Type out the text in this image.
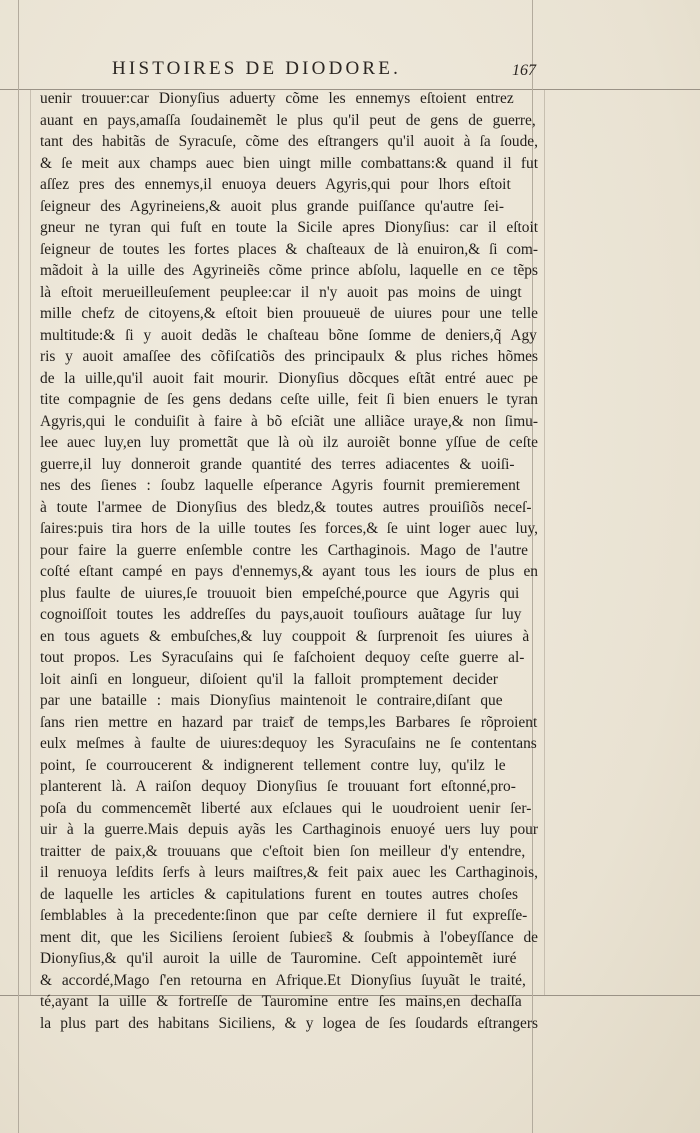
HISTOIRES DE DIODORE.	167
uenir trouuer:car Dionyſius aduerty cõme les ennemys eſtoient entrez
auant en pays,amaſſa ſoudainemẽt le plus qu'il peut de gens de guerre,
tant des habitãs de Syracuſe, cõme des eſtrangers qu'il auoit à ſa ſoude,
& ſe meit aux champs auec bien uingt mille combattans:& quand il fut
aſſez pres des ennemys,il enuoya deuers Agyris,qui pour lhors eſtoit
ſeigneur des Agyrineiens,& auoit plus grande puiſſance qu'autre ſei-
gneur ne tyran qui fuſt en toute la Sicile apres Dionyſius: car il eſtoit
ſeigneur de toutes les fortes places & chaſteaux de là enuiron,& ſi com-
mãdoit à la uille des Agyrineiẽs cõme prince abſolu, laquelle en ce tẽps
là eſtoit merueilleuſement peuplee:car il n'y auoit pas moins de uingt
mille chefz de citoyens,& eſtoit bien prouueuë de uiures pour une telle
multitude:& ſi y auoit dedãs le chaſteau bõne ſomme de deniers,q̃ Agy
ris y auoit amaſſee des cõfiſcatiõs des principaulx & plus riches hõmes
de la uille,qu'il auoit fait mourir. Dionyſius dõcques eſtãt entré auec pe
tite compagnie de ſes gens dedans ceſte uille, feit ſi bien enuers le tyran
Agyris,qui le conduiſit à faire à bõ eſciãt une alliãce uraye,& non ſimu-
lee auec luy,en luy promettãt que là où ilz auroiẽt bonne yſſue de ceſte
guerre,il luy donneroit grande quantité des terres adiacentes & uoiſi-
nes des ſienes : ſoubz laquelle eſperance Agyris fournit premierement
à toute l'armee de Dionyſius des bledz,& toutes autres prouiſiõs neceſ-
ſaires:puis tira hors de la uille toutes ſes forces,& ſe uint loger auec luy,
pour faire la guerre enſemble contre les Carthaginois. Mago de l'autre
coſté eſtant campé en pays d'ennemys,& ayant tous les iours de plus en
plus faulte de uiures,ſe trouuoit bien empeſché,pource que Agyris qui
cognoiſſoit toutes les addreſſes du pays,auoit touſiours auãtage ſur luy
en tous aguets & embuſches,& luy couppoit & ſurprenoit ſes uiures à
tout propos. Les Syracuſains qui ſe faſchoient dequoy ceſte guerre al-
loit ainſi en longueur, diſoient qu'il la falloit promptement decider
par une bataille : mais Dionyſius maintenoit le contraire,diſant que
ſans rien mettre en hazard par traiɛ̃t de temps,les Barbares ſe rõproient
eulx meſmes à faulte de uiures:dequoy les Syracuſains ne ſe contentans
point, ſe courroucerent & indignerent tellement contre luy, qu'ilz le
planterent là. A raiſon dequoy Dionyſius ſe trouuant fort eſtonné,pro-
poſa du commencemẽt liberté aux eſclaues qui le uoudroient uenir ſer-
uir à la guerre.Mais depuis ayãs les Carthaginois enuoyé uers luy pour
traitter de paix,& trouuans que c'eſtoit bien ſon meilleur d'y entendre,
il renuoya leſdits ſerfs à leurs maiſtres,& feit paix auec les Carthaginois,
de laquelle les articles & capitulations furent en toutes autres choſes
ſemblables à la precedente:ſinon que par ceſte derniere il fut expreſſe-
ment dit, que les Siciliens ſeroient ſubieɛ̃s & ſoubmis à l'obeyſſance de
Dionyſius,& qu'il auroit la uille de Tauromine. Ceſt appointemẽt iuré
& accordé,Mago ſ'en retourna en Afrique.Et Dionyſius ſuyuãt le traité,
té,ayant la uille & fortreſſe de Tauromine entre ſes mains,en dechaſſa
la plus part des habitans Siciliens, & y logea de ſes ſoudards eſtrangers
